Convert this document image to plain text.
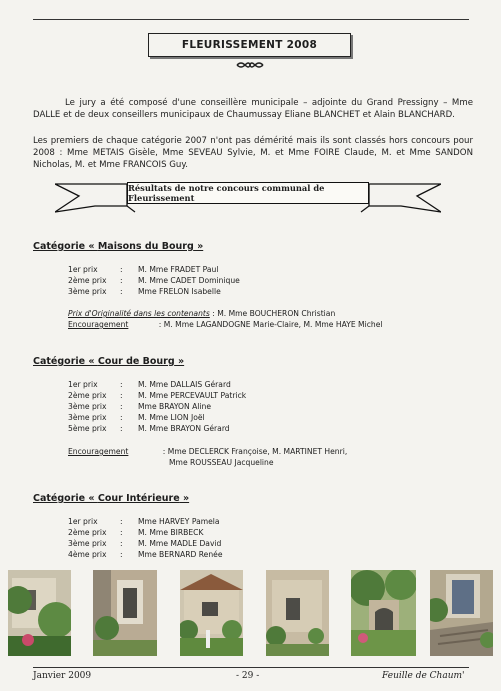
FLEURISSEMENT 2008
Le jury a été composé d'une conseillère municipale – adjointe du Grand Pressigny – Mme DALLE et de deux conseillers municipaux de Chaumussay Eliane BLANCHET et Alain BLANCHARD.
Les premiers de chaque catégorie 2007 n'ont pas démérité mais ils sont classés hors concours pour 2008 : Mme METAIS Gisèle, Mme SEVEAU Sylvie, M. et Mme FOIRE Claude, M. et Mme SANDON Nicholas, M. et Mme FRANCOIS Guy.
Résultats de notre concours communal de Fleurissement
Catégorie « Maisons du Bourg »
1er prix	: M. Mme FRADET Paul
2ème prix : M. Mme CADET Dominique
3ème prix : Mme FRELON Isabelle
Prix d'Originalité dans les contenants : M. Mme BOUCHERON Christian
Encouragement	: M. Mme LAGANDOGNE Marie-Claire, M. Mme HAYE Michel
Catégorie « Cour de Bourg »
1er prix	: M. Mme DALLAIS Gérard
2ème prix : M. Mme PERCEVAULT Patrick
3ème prix : Mme BRAYON Aline
3ème prix : M. Mme LION Joël
5ème prix : M. Mme BRAYON Gérard
Encouragement	: Mme DECLERCK Françoise, M. MARTINET Henri,
Mme ROUSSEAU Jacqueline
Catégorie « Cour Intérieure »
1er prix	: Mme HARVEY Pamela
2ème prix : M. Mme BIRBECK
3ème prix : M. Mme MADLE David
4ème prix : Mme BERNARD Renée
Janvier 2009	- 29 -	Feuille de Chaum'
